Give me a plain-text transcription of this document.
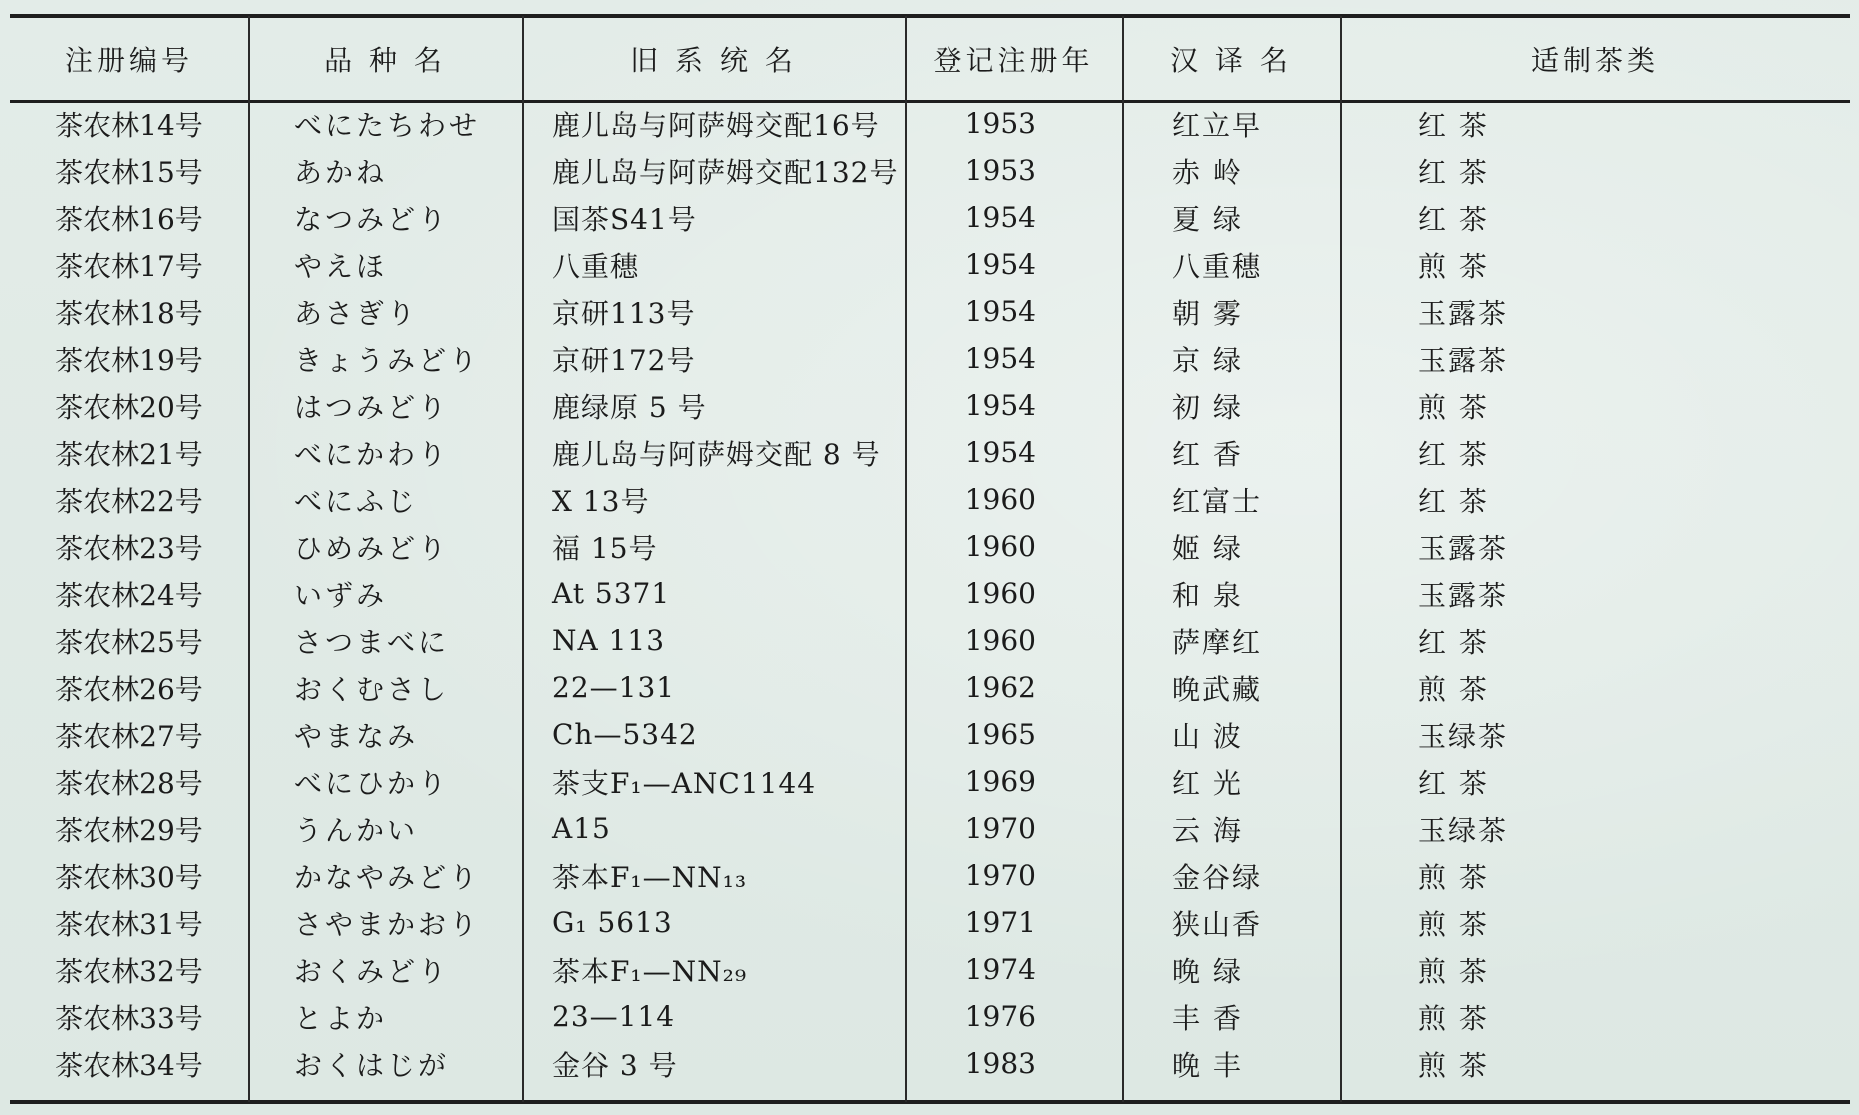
注册编号	品 种 名	旧 系 统 名	登记注册年	汉 译 名	适制茶类
茶农林14号	べにたちわせ	鹿儿岛与阿萨姆交配16号	1953	红立早	红 茶
茶农林15号	あかね	鹿儿岛与阿萨姆交配132号	1953	赤 岭	红 茶
茶农林16号	なつみどり	国茶S41号	1954	夏 绿	红 茶
茶农林17号	やえほ	八重穗	1954	八重穗	煎 茶
茶农林18号	あさぎり	京研113号	1954	朝 雾	玉露茶
茶农林19号	きょうみどり	京研172号	1954	京 绿	玉露茶
茶农林20号	はつみどり	鹿绿原 5 号	1954	初 绿	煎 茶
茶农林21号	べにかわり	鹿儿岛与阿萨姆交配 8 号	1954	红 香	红 茶
茶农林22号	べにふじ	X 13号	1960	红富士	红 茶
茶农林23号	ひめみどり	福 15号	1960	姬 绿	玉露茶
茶农林24号	いずみ	At 5371	1960	和 泉	玉露茶
茶农林25号	さつまべに	NA 113	1960	萨摩红	红 茶
茶农林26号	おくむさし	22—131	1962	晚武藏	煎 茶
茶农林27号	やまなみ	Ch—5342	1965	山 波	玉绿茶
茶农林28号	べにひかり	茶支F₁—ANC1144	1969	红 光	红 茶
茶农林29号	うんかい	A15	1970	云 海	玉绿茶
茶农林30号	かなやみどり	茶本F₁—NN₁₃	1970	金谷绿	煎 茶
茶农林31号	さやまかおり	G₁ 5613	1971	狭山香	煎 茶
茶农林32号	おくみどり	茶本F₁—NN₂₉	1974	晚 绿	煎 茶
茶农林33号	とよか	23—114	1976	丰 香	煎 茶
茶农林34号	おくはじが	金谷 3 号	1983	晚 丰	煎 茶
